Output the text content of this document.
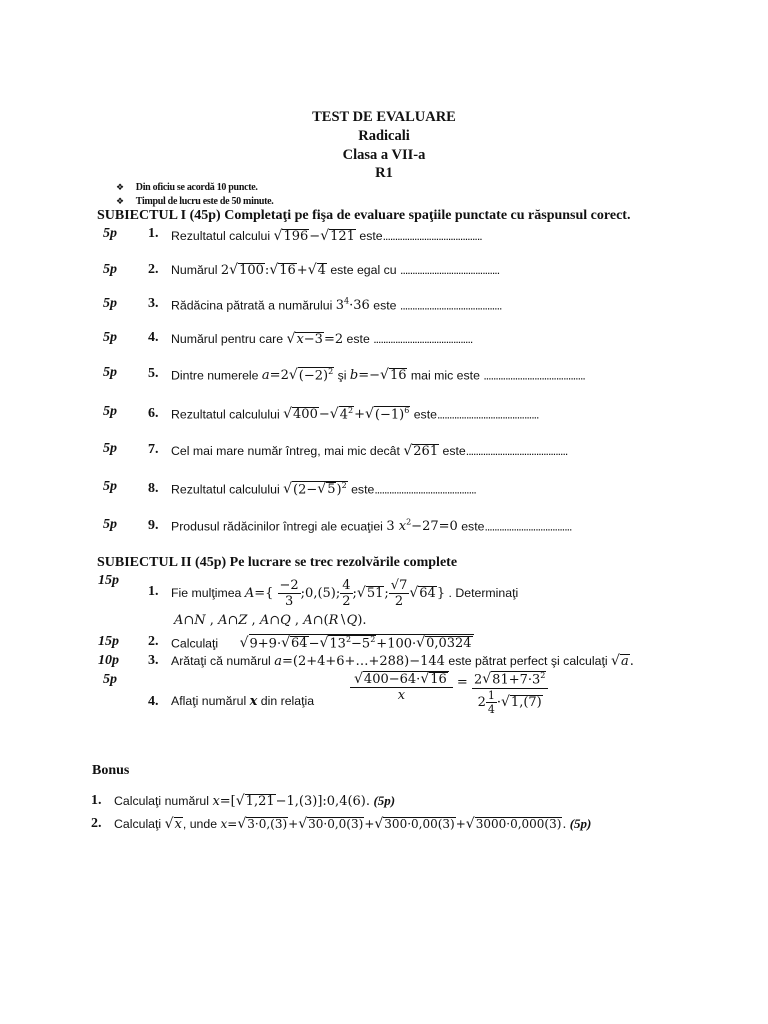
TEST DE EVALUARE
Radicali
Clasa a VII-a
R1
❖ Din oficiu se acordă 10 puncte.
❖ Timpul de lucru este de 50 minute.
SUBIECTUL I (45p) Completaţi pe fişa de evaluare spaţiile punctate cu răspunsul corect.
5p 1. Rezultatul calcului √196−√121 este.........................................
5p 2. Numărul 2√100:√16+√4 este egal cu .........................................
5p 3. Rădăcina pătrată a numărului $3^4\cdot 36$ este ..........................................
5p 4. Numărul pentru care √x−3=2 este .........................................
5p 5. Dintre numerele $a=2√(-2)^2$ şi b=−√16 mai mic este ..........................................
5p 6. Rezultatul calculului $√400-√4^2+√(-1)^6$ este..........................................
5p 7. Cel mai mare număr întreg, mai mic decât √261 este..........................................
5p 8. Rezultatul calculului $√(2-√5)^2$ este..........................................
5p 9. Produsul rădăcinilor întregi ale ecuaţiei 3 $x^2-27=0$ este....................................
SUBIECTUL II (45p) Pe lucrare se trec rezolvările complete
15p
1. Fie mulţimea $A=\{ \frac{-2}{3}$ ;0,(5); $\frac{4}{2}$ ;√51; $\frac{√7}{2} √64$} . Determinaţi
A∩N , A∩Z , A∩Q , A∩(R∖Q).
15p 2. Calculaţi $√9+9\cdot√64-√13^2-5^2+100\cdot√0,0324$
10p 3. Arătaţi că numărul a=(2+4+6+…+288)−144 este pătrat perfect şi calculaţi √a.
5p
4. Aflaţi numărul x din relaţia	$\frac{√400-64\cdot√16}{x} = \frac{2√81+7\cdot 3^2}{2 \frac{1}{4} \cdot√1,(7)}$
Bonus
1. Calculaţi numărul x=[√1,21−1,(3)]:0,4(6). (5p)
2. Calculaţi √x, unde x=√3·0,(3)+√30·0,0(3)+√300·0,00(3)+√3000·0,000(3). (5p)
